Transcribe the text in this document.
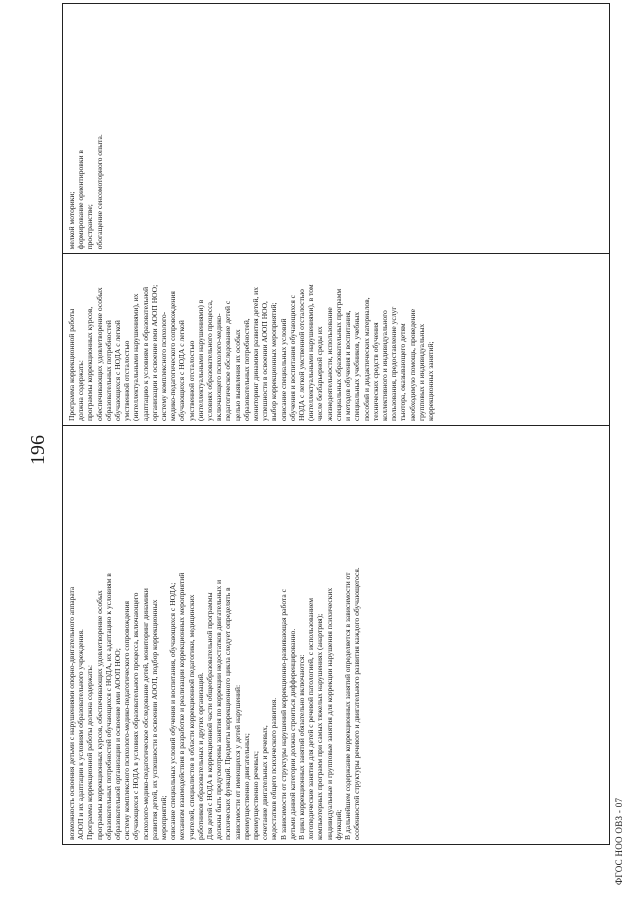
196
возможность освоения детьми с нарушениями опорно-двигательного аппарата АООП и их адаптации к условиям образовательного учреждения. Программа коррекционной работы должна содержать: программы коррекционных курсов, обеспечивающих удовлетворение особых образовательных потребностей обучающихся с НОДА, их адаптацию к условиям в образовательной организации и освоение ими АООП НОО; систему комплексного психолого-медико-педагогического сопровождения обучающихся с НОДА в условиях образовательного процесса, включающего психолого-медико-педагогическое обследование детей, мониторинг динамики развития детей, их успешности в освоении АООП, подбор коррекционных мероприятий; описание специальных условий обучения и воспитания, обучающихся с НОДА; механизм взаимодействия в разработке и реализации коррекционных мероприятий учителей, специалистов в области коррекционной педагогики, медицинских работников образовательных и других организаций. Для детей с НОДА в коррекционной части общеобразовательной программы должны быть предусмотрены занятия по коррекции недостатков двигательных и психических функций. Предметы коррекционного цикла следует определять в зависимости от имеющихся у детей нарушений: преимущественно двигательных; преимущественно речевых; сочетание двигательных и речевых, недостатков общего психического развития. В зависимости от структуры нарушений коррекционно-развивающая работа с детьми данной категории должна строиться дифференцированно. В цикл коррекционных занятий обязательно включаются: логопедические занятия для детей с речевой патологией, с использованием компьютерных программ при самых тяжелых нарушениях (анартрия); индивидуальные и групповые занятия для коррекции нарушения психических функций; В дальнейшем содержание коррекционных занятий определяется в зависимости от особенностей структуры речевого и двигательного развития каждого обучающегося.
Программа коррекционной работы должна содержать: программы коррекционных курсов, обеспечивающих удовлетворение особых образовательных потребностей обучающихся с НОДА с легкой умственной отсталостью (интеллектуальными нарушениями), их адаптацию к условиям в образовательной организации и освоение ими АООП НОО; систему комплексного психолого- медико-педагогического сопровождения обучающихся с НОДА с легкой умственной отсталостью (интеллектуальными нарушениями) в условиях образовательного процесса, включающего психолого-медико- педагогическое обследование детей с целью выявления их особых образовательных потребностей, мониторинг динамики развития детей, их успешности в освоении АООП НОО, выбор коррекционных мероприятий; описание специальных условий обучения и воспитания обучающихся с НОДА с легкой умственной отсталостью (интеллектуальными нарушениями), в том числе безбарьерной среды их жизнедеятельности, использование специальных образовательных программ и методов обучения и воспитания, специальных учебников, учебных пособий и дидактических материалов, технических средств обучения коллективного и индивидуального пользования, предоставление услуг тьютора, оказывающего детям необходимую помощь, проведение групповых и индивидуальных коррекционных занятий;
мелкой моторики; формирование ориентировки в пространстве; обогащение сенсомоторного опыта.
ФГОС НОО ОВЗ - 07
